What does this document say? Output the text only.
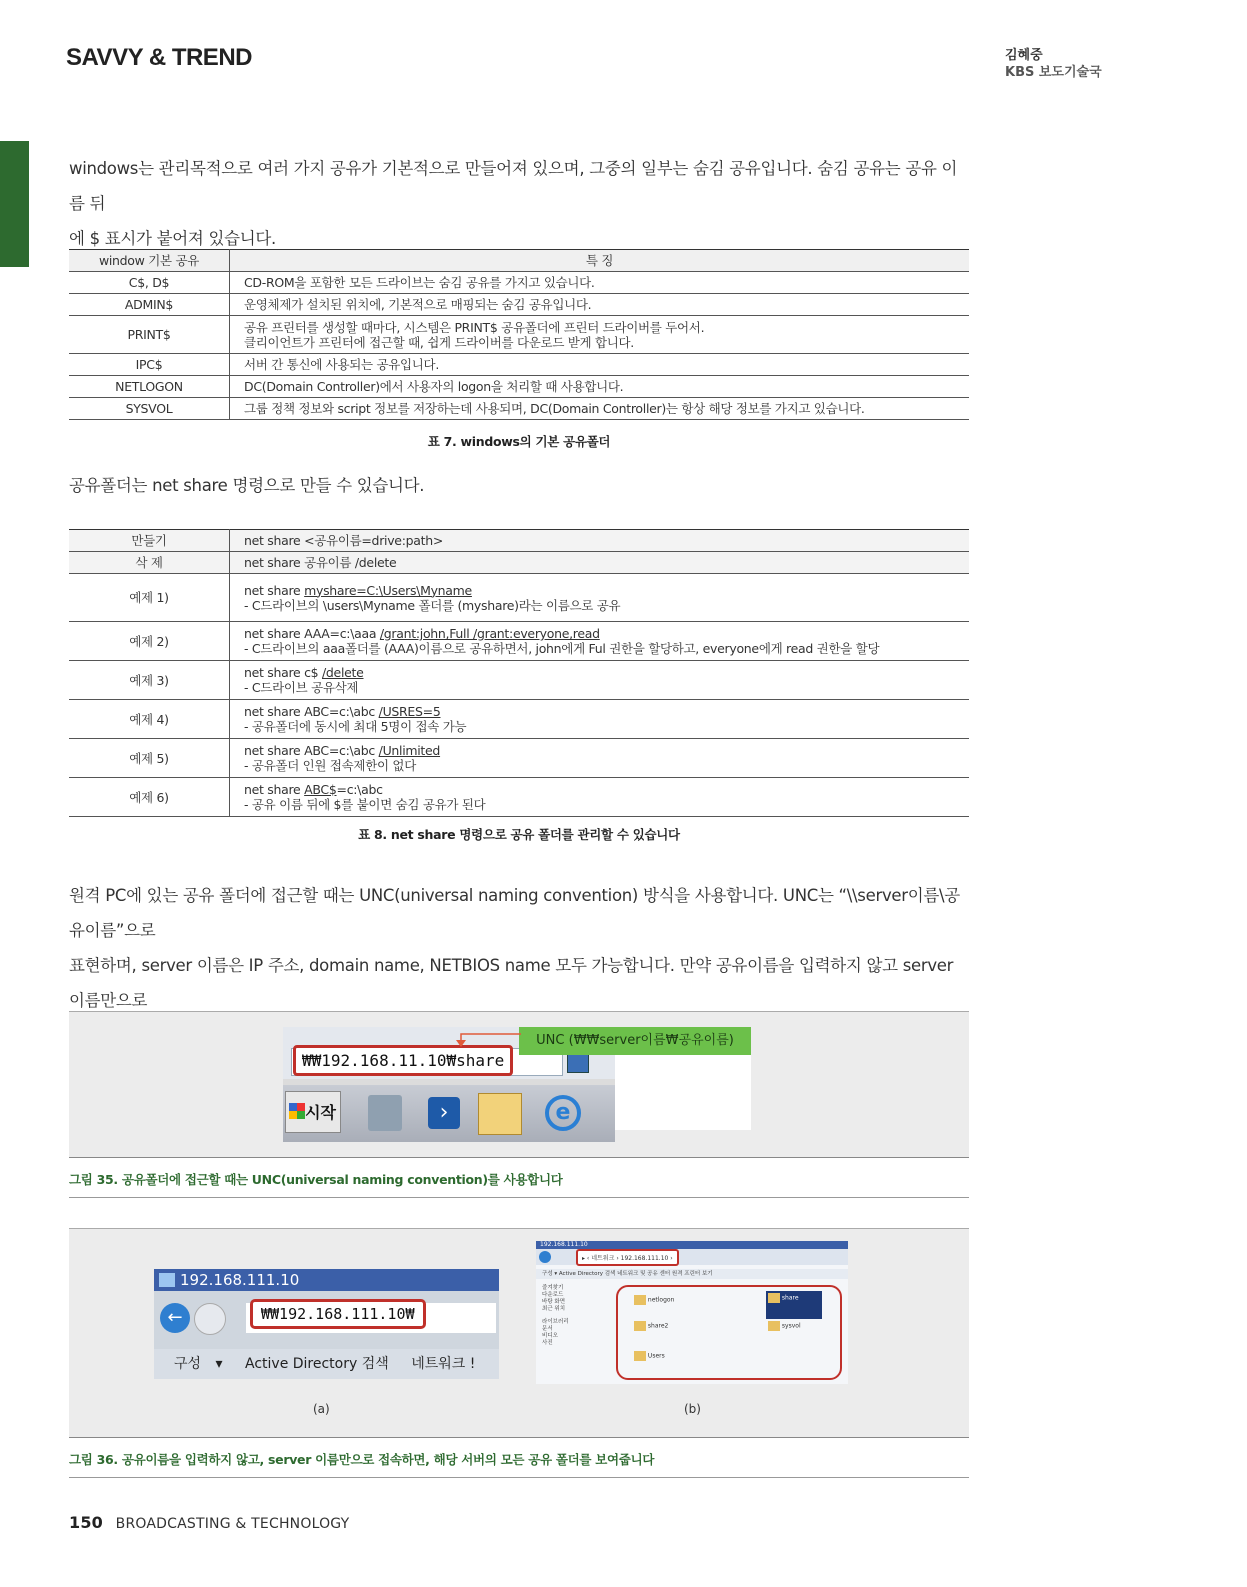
SAVVY & TREND	김혜중
KBS 보도기술국
windows는 관리목적으로 여러 가지 공유가 기본적으로 만들어져 있으며, 그중의 일부는 숨김 공유입니다. 숨김 공유는 공유 이름 뒤
에 $ 표시가 붙어져 있습니다.
window 기본 공유	특 징
C$, D$	CD-ROM을 포함한 모든 드라이브는 숨김 공유를 가지고 있습니다.
ADMIN$	운영체제가 설치된 위치에, 기본적으로 매핑되는 숨김 공유입니다.
PRINT$	공유 프린터를 생성할 때마다, 시스템은 PRINT$ 공유폴더에 프린터 드라이버를 두어서.
클리이언트가 프린터에 접근할 때, 쉽게 드라이버를 다운로드 받게 합니다.

IPC$	서버 간 통신에 사용되는 공유입니다.
NETLOGON	DC(Domain Controller)에서 사용자의 logon을 처리할 때 사용합니다.
SYSVOL	그룹 정책 정보와 script 정보를 저장하는데 사용되며, DC(Domain Controller)는 항상 해당 정보를 가지고 있습니다.
표 7. windows의 기본 공유폴더
공유폴더는 net share 명령으로 만들 수 있습니다.
만들기	net share <공유이름=drive:path>
삭 제	net share 공유이름 /delete
예제 1)	net share myshare=C:\Users\Myname
- C드라이브의 \users\Myname 폴더를 (myshare)라는 이름으로 공유

예제 2)	net share AAA=c:\aaa /grant:john,Full /grant:everyone,read
- C드라이브의 aaa폴더를 (AAA)이름으로 공유하면서, john에게 Ful 권한을 할당하고, everyone에게 read 권한을 할당

예제 3)	net share c$ /delete
- C드라이브 공유삭제

예제 4)	net share ABC=c:\abc /USRES=5
- 공유폴더에 동시에 최대 5명이 접속 가능

예제 5)	net share ABC=c:\abc /Unlimited
- 공유폴더 인원 접속제한이 없다

예제 6)	net share ABC$=c:\abc
- 공유 이름 뒤에 $를 붙이면 숨김 공유가 된다
표 8. net share 명령으로 공유 폴더를 관리할 수 있습니다
원격 PC에 있는 공유 폴더에 접근할 때는 UNC(universal naming convention) 방식을 사용합니다. UNC는 “\\server이름\공유이름”으로
표현하며, server 이름은 IP 주소, domain name, NETBIOS name 모두 가능합니다. 만약 공유이름을 입력하지 않고 server 이름만으로
₩₩192.168.11.10₩share
시작	›	e
UNC (₩₩server이름₩공유이름)
그림 35. 공유폴더에 접근할 때는 UNC(universal naming convention)를 사용합니다
192.168.111.10
←	₩₩192.168.111.10₩
구성 ▾ Active Directory 검색 네트워크 !
(a)
192.168.111.10
▸ ‹ 네트워크 › 192.168.111.10 ›
구성 ▾ Active Directory 검색 네트워크 및 공유 센터 원격 프린터 보기
즐겨찾기
다운로드
바탕 화면
최근 위치
라이브러리
문서
비디오
사진
netlogon
share2
Users
share
sysvol
(b)
그림 36. 공유이름을 입력하지 않고, server 이름만으로 접속하면, 해당 서버의 모든 공유 폴더를 보여줍니다
150 BROADCASTING & TECHNOLOGY
